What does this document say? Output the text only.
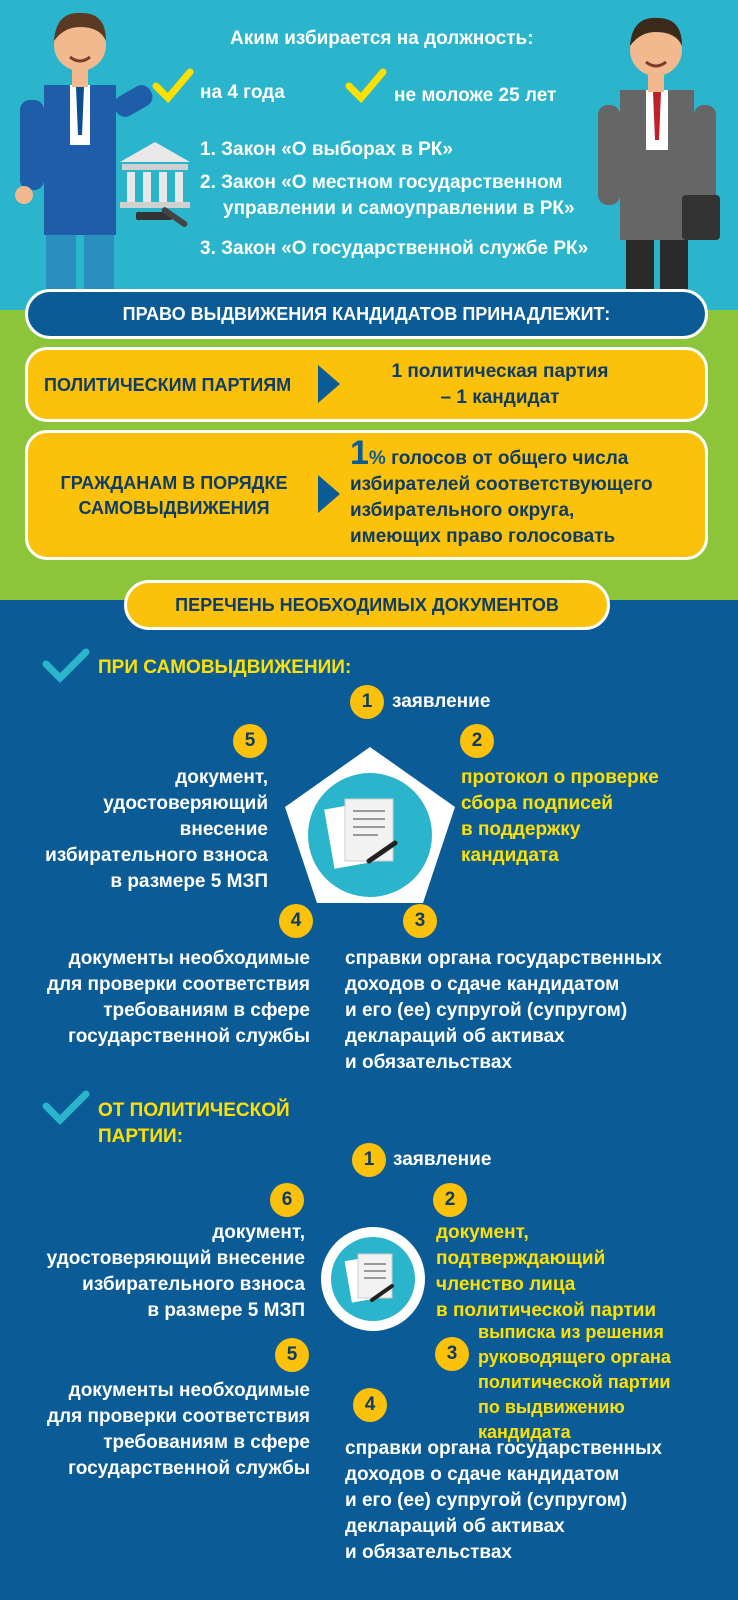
Аким избирается на должность:
на 4 года	не моложе 25 лет
1. Закон «О выборах в РК»
2. Закон «О местном государственном
управлении и самоуправлении в РК»
3. Закон «О государственной службе РК»
ПРАВО ВЫДВИЖЕНИЯ КАНДИДАТОВ ПРИНАДЛЕЖИТ:
ПОЛИТИЧЕСКИМ ПАРТИЯМ
1 политическая партия
– 1 кандидат
ГРАЖДАНАМ В ПОРЯДКЕ
САМОВЫДВИЖЕНИЯ
1% голосов от общего числа
избирателей соответствующего
избирательного округа,
имеющих право голосовать
ПЕРЕЧЕНЬ НЕОБХОДИМЫХ ДОКУМЕНТОВ
ПРИ САМОВЫДВИЖЕНИИ:
1	заявление
2
протокол о проверке
сбора подписей
в поддержку
кандидата
5
документ,
удостоверяющий
внесение
избирательного взноса
в размере 5 МЗП
4
документы необходимые
для проверки соответствия
требованиям в сфере
государственной службы
3
справки органа государственных
доходов о сдаче кандидатом
и его (ее) супругой (супругом)
деклараций об активах
и обязательствах
ОТ ПОЛИТИЧЕСКОЙ
ПАРТИИ:
1 заявление
2
документ,
подтверждающий
членство лица
в политической партии
6
документ,
удостоверяющий внесение
избирательного взноса
в размере 5 МЗП
3
выписка из решения
руководящего органа
политической партии
по выдвижению
кандидата
5
документы необходимые
для проверки соответствия
требованиям в сфере
государственной службы
4
справки органа государственных
доходов о сдаче кандидатом
и его (ее) супругой (супругом)
деклараций об активах
и обязательствах
